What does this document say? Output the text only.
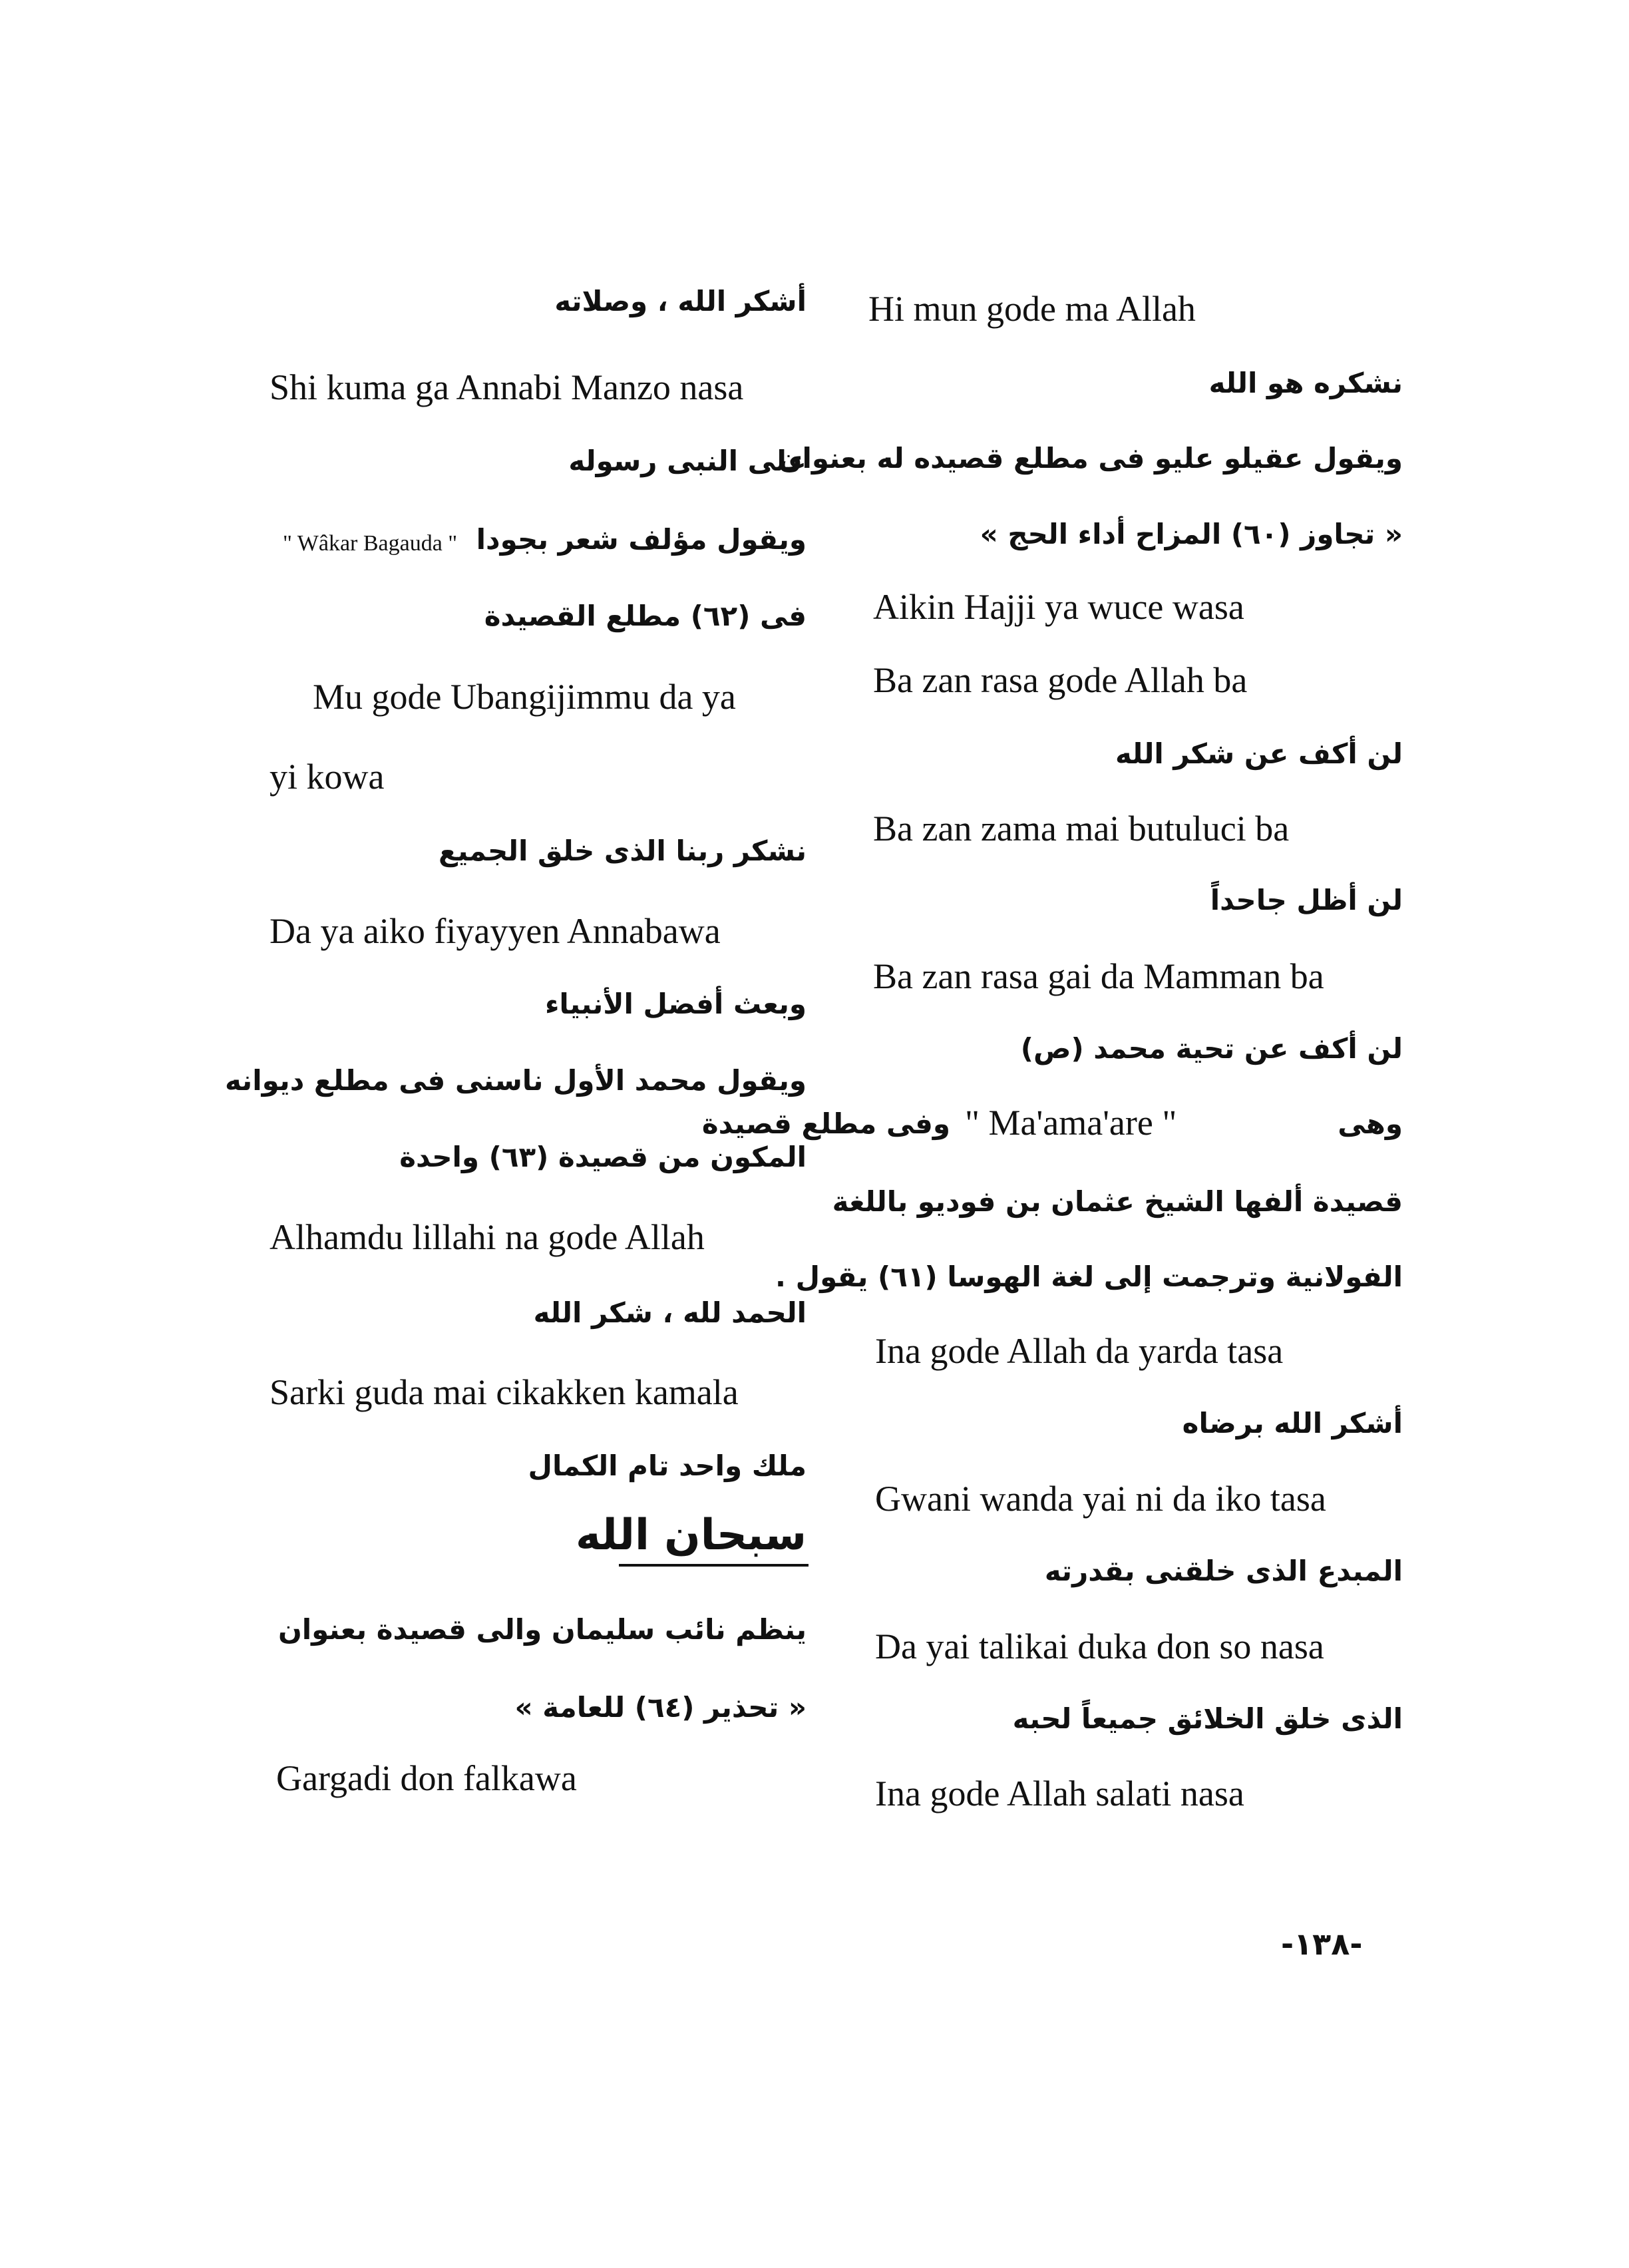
أشكر الله ، وصلاته
Shi kuma ga Annabi Manzo nasa
على النبى رسوله
" Wâkar Bagauda " ويقول مؤلف شعر بجودا
فى (٦٢) مطلع القصيدة
Mu gode Ubangijimmu da ya
yi kowa
نشكر ربنا الذى خلق الجميع
Da ya aiko fiyayyen Annabawa
وبعث أفضل الأنبياء
ويقول محمد الأول ناسنى فى مطلع ديوانه
المكون من قصيدة (٦٣) واحدة
Alhamdu lillahi na gode Allah
الحمد لله ، شكر الله
Sarki guda mai cikakken kamala
ملك واحد تام الكمال
سبحان الله
ينظم نائب سليمان والى قصيدة بعنوان
« تحذير (٦٤) للعامة »
Gargadi don falkawa
Hi mun gode ma Allah
نشكره هو الله
ويقول عقيلو عليو فى مطلع قصيده له بعنوان
« تجاوز (٦٠) المزاح أداء الحج »
Aikin Hajji ya wuce wasa
Ba zan rasa gode Allah ba
لن أكف عن شكر الله
Ba zan zama mai butuluci ba
لن أظل جاحداً
Ba zan rasa gai da Mamman ba
لن أكف عن تحية محمد (ص)
وهى
" Ma'ama'are "
وفى مطلع قصيدة
قصيدة ألفها الشيخ عثمان بن فوديو باللغة
الفولانية وترجمت إلى لغة الهوسا (٦١) يقول .
Ina gode Allah da yarda tasa
أشكر الله برضاه
Gwani wanda yai ni da iko tasa
المبدع الذى خلقنى بقدرته
Da yai talikai duka don so nasa
الذى خلق الخلائق جميعاً لحبه
Ina gode Allah salati nasa
-١٣٨-
